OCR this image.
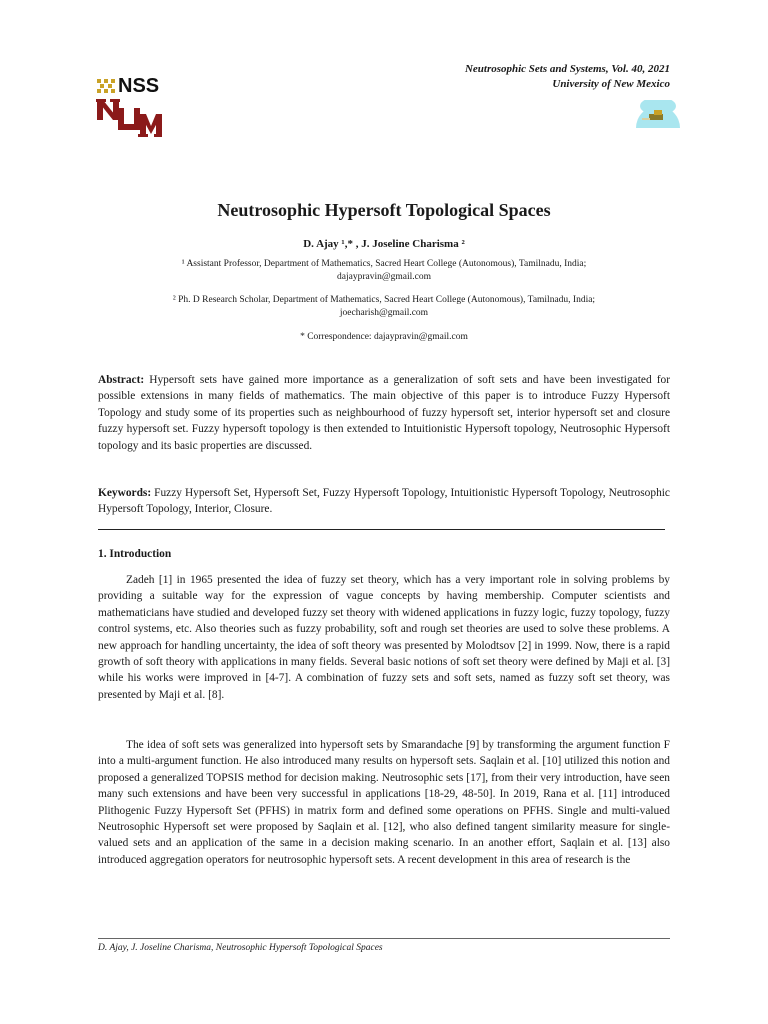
Neutrosophic Sets and Systems, Vol. 40, 2021
University of New Mexico
NSS
Neutrosophic Hypersoft Topological Spaces
D. Ajay ¹,* , J. Joseline Charisma ²
¹ Assistant Professor, Department of Mathematics, Sacred Heart College (Autonomous), Tamilnadu, India;
dajaypravin@gmail.com
² Ph. D Research Scholar, Department of Mathematics, Sacred Heart College (Autonomous), Tamilnadu, India;
joecharish@gmail.com
* Correspondence: dajaypravin@gmail.com
Abstract: Hypersoft sets have gained more importance as a generalization of soft sets and have been investigated for possible extensions in many fields of mathematics. The main objective of this paper is to introduce Fuzzy Hypersoft Topology and study some of its properties such as neighbourhood of fuzzy hypersoft set, interior hypersoft set and closure fuzzy hypersoft set. Fuzzy hypersoft topology is then extended to Intuitionistic Hypersoft topology, Neutrosophic Hypersoft topology and its basic properties are discussed.
Keywords: Fuzzy Hypersoft Set, Hypersoft Set, Fuzzy Hypersoft Topology, Intuitionistic Hypersoft Topology, Neutrosophic Hypersoft Topology, Interior, Closure.
1. Introduction
Zadeh [1] in 1965 presented the idea of fuzzy set theory, which has a very important role in solving problems by providing a suitable way for the expression of vague concepts by having membership. Computer scientists and mathematicians have studied and developed fuzzy set theory with widened applications in fuzzy logic, fuzzy topology, fuzzy control systems, etc. Also theories such as fuzzy probability, soft and rough set theories are used to solve these problems. A new approach for handling uncertainty, the idea of soft theory was presented by Molodtsov [2] in 1999. Now, there is a rapid growth of soft theory with applications in many fields. Several basic notions of soft set theory were defined by Maji et al. [3] while his works were improved in [4-7]. A combination of fuzzy sets and soft sets, named as fuzzy soft set theory, was presented by Maji et al. [8].
The idea of soft sets was generalized into hypersoft sets by Smarandache [9] by transforming the argument function F into a multi-argument function. He also introduced many results on hypersoft sets. Saqlain et al. [10] utilized this notion and proposed a generalized TOPSIS method for decision making. Neutrosophic sets [17], from their very introduction, have seen many such extensions and have been very successful in applications [18-29, 48-50]. In 2019, Rana et al. [11] introduced Plithogenic Fuzzy Hypersoft Set (PFHS) in matrix form and defined some operations on PFHS. Single and multi-valued Neutrosophic Hypersoft set were proposed by Saqlain et al. [12], who also defined tangent similarity measure for single-valued sets and an application of the same in a decision making scenario. In an another effort, Saqlain et al. [13] also introduced aggregation operators for neutrosophic hypersoft sets. A recent development in this area of research is the
D. Ajay, J. Joseline Charisma, Neutrosophic Hypersoft Topological Spaces
